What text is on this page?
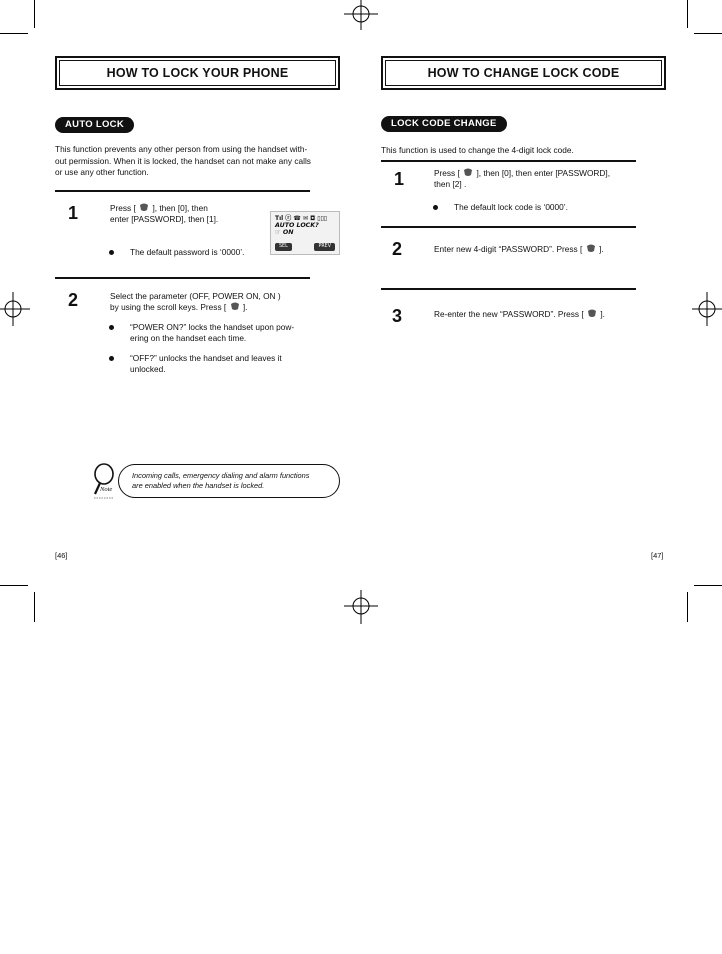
HOW TO LOCK YOUR PHONE
AUTO LOCK
This function prevents any other person from using the handset with-
out permission. When it is locked, the handset can not make any calls
or use any other function.
1	Press [ ], then [0], then
enter [PASSWORD], then [1].
The default password is ‘0000’.
Tıl ⓡ ☎ ✉ ◘ ▯▯▯
AUTO LOCK?
☞ ON
SEL	PREV
2	Select the parameter (OFF, POWER ON, ON )
by using the scroll keys. Press [ ].
“POWER ON?” locks the handset upon pow-
ering on the handset each time.
“OFF?” unlocks the handset and leaves it
unlocked.
Note
Incoming calls, emergency dialing and alarm functions
are enabled when the handset is locked.
[46]
HOW TO CHANGE LOCK CODE
LOCK CODE CHANGE
This function is used to change the 4-digit lock code.
1	Press [ ], then [0], then enter [PASSWORD],
then [2] .
The default lock code is ‘0000’.
2	Enter new 4-digit “PASSWORD”. Press [ ].
3	Re-enter the new “PASSWORD”. Press [ ].
[47]
